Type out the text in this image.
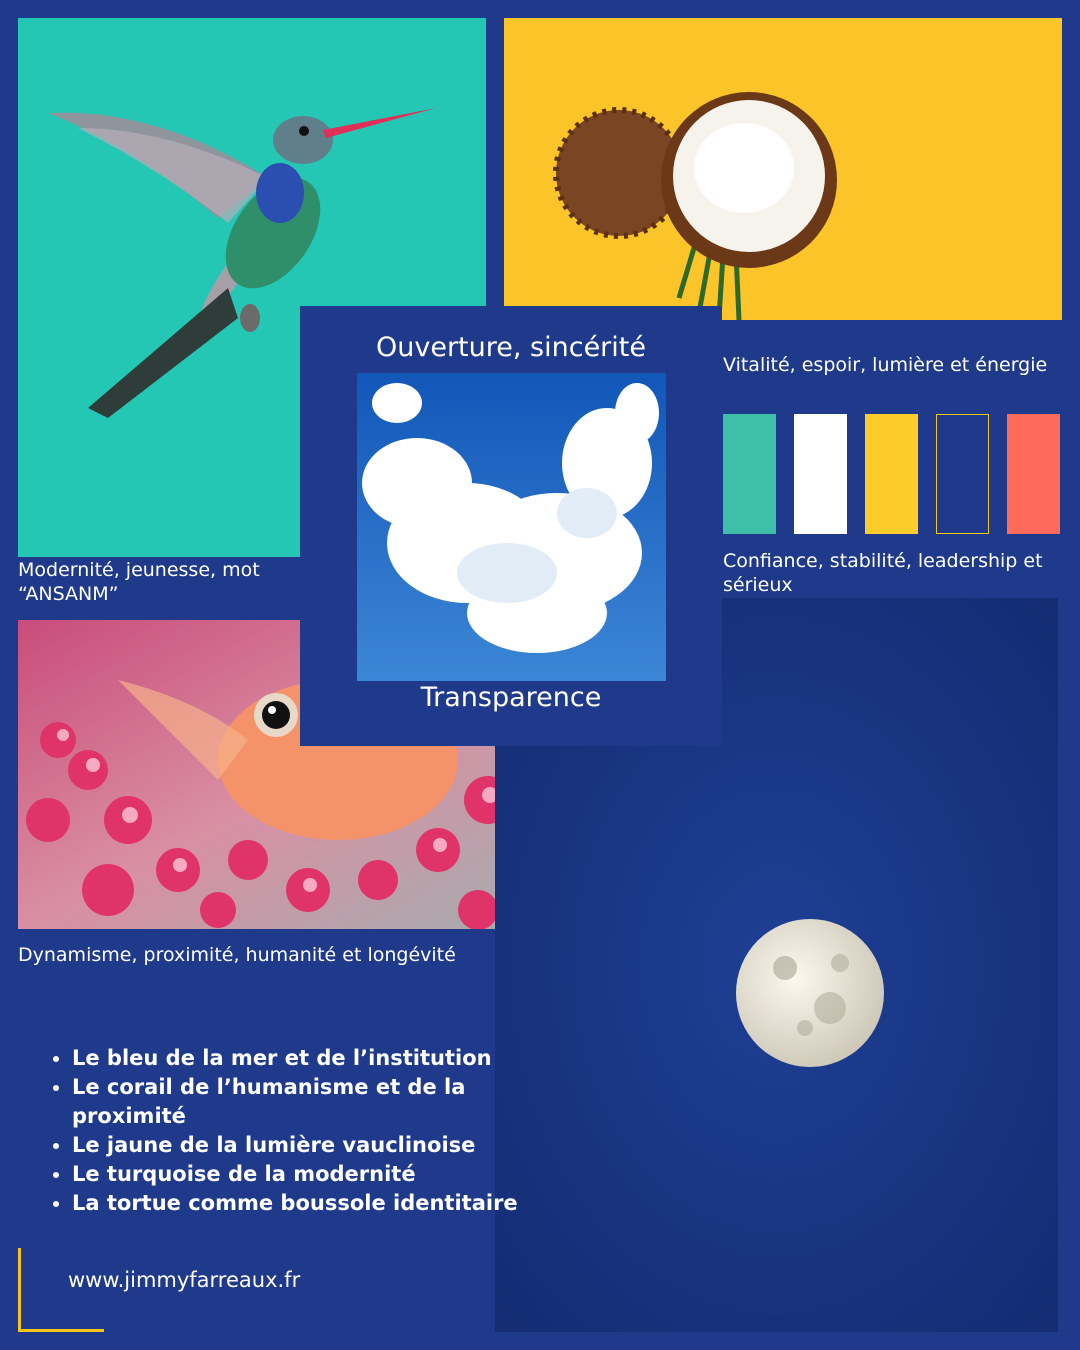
Vitalité, espoir, lumière et énergie
Confiance, stabilité, leadership et
sérieux
Modernité, jeunesse, mot
“ANSANM”
Dynamisme, proximité, humanité et longévité
Ouverture, sincérité
Transparence
• Le bleu de la mer et de l’institution
• Le corail de l’humanisme et de la proximité
• Le jaune de la lumière vauclinoise
• Le turquoise de la modernité
• La tortue comme boussole identitaire
www.jimmyfarreaux.fr
